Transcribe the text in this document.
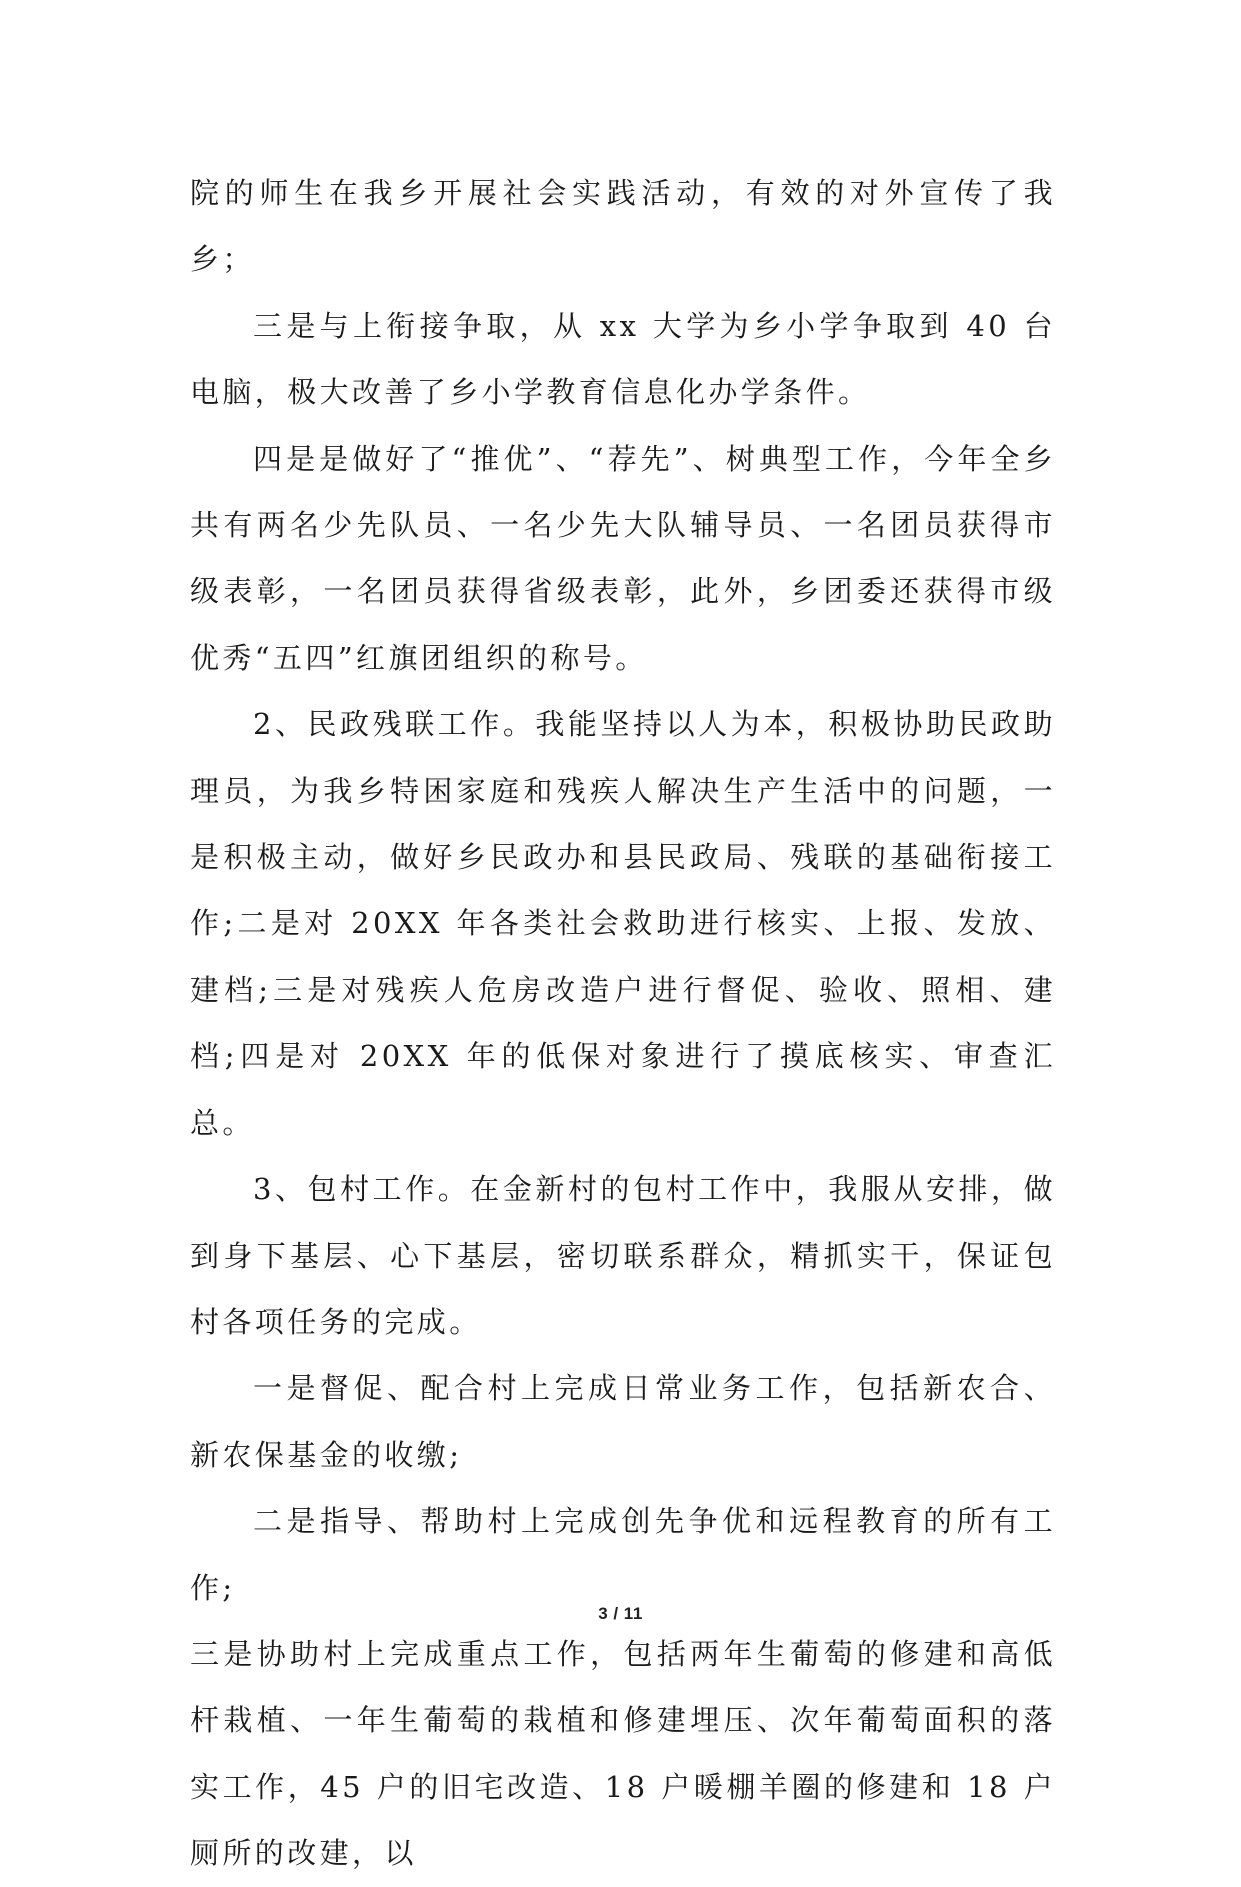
院的师生在我乡开展社会实践活动，有效的对外宣传了我乡；

三是与上衔接争取，从 xx 大学为乡小学争取到 40 台电脑，极大改善了乡小学教育信息化办学条件。

四是是做好了“推优”、“荐先”、树典型工作，今年全乡共有两名少先队员、一名少先大队辅导员、一名团员获得市级表彰，一名团员获得省级表彰，此外，乡团委还获得市级优秀“五四”红旗团组织的称号。

2、民政残联工作。我能坚持以人为本，积极协助民政助理员，为我乡特困家庭和残疾人解决生产生活中的问题，一是积极主动，做好乡民政办和县民政局、残联的基础衔接工作;二是对 20XX 年各类社会救助进行核实、上报、发放、建档;三是对残疾人危房改造户进行督促、验收、照相、建档;四是对 20XX 年的低保对象进行了摸底核实、审查汇总。

3、包村工作。在金新村的包村工作中，我服从安排，做到身下基层、心下基层，密切联系群众，精抓实干，保证包村各项任务的完成。

一是督促、配合村上完成日常业务工作，包括新农合、新农保基金的收缴;

二是指导、帮助村上完成创先争优和远程教育的所有工作;

三是协助村上完成重点工作，包括两年生葡萄的修建和高低杆栽植、一年生葡萄的栽植和修建埋压、次年葡萄面积的落实工作，45 户的旧宅改造、18 户暖棚羊圈的修建和 18 户厕所的改建，以

3 / 11
